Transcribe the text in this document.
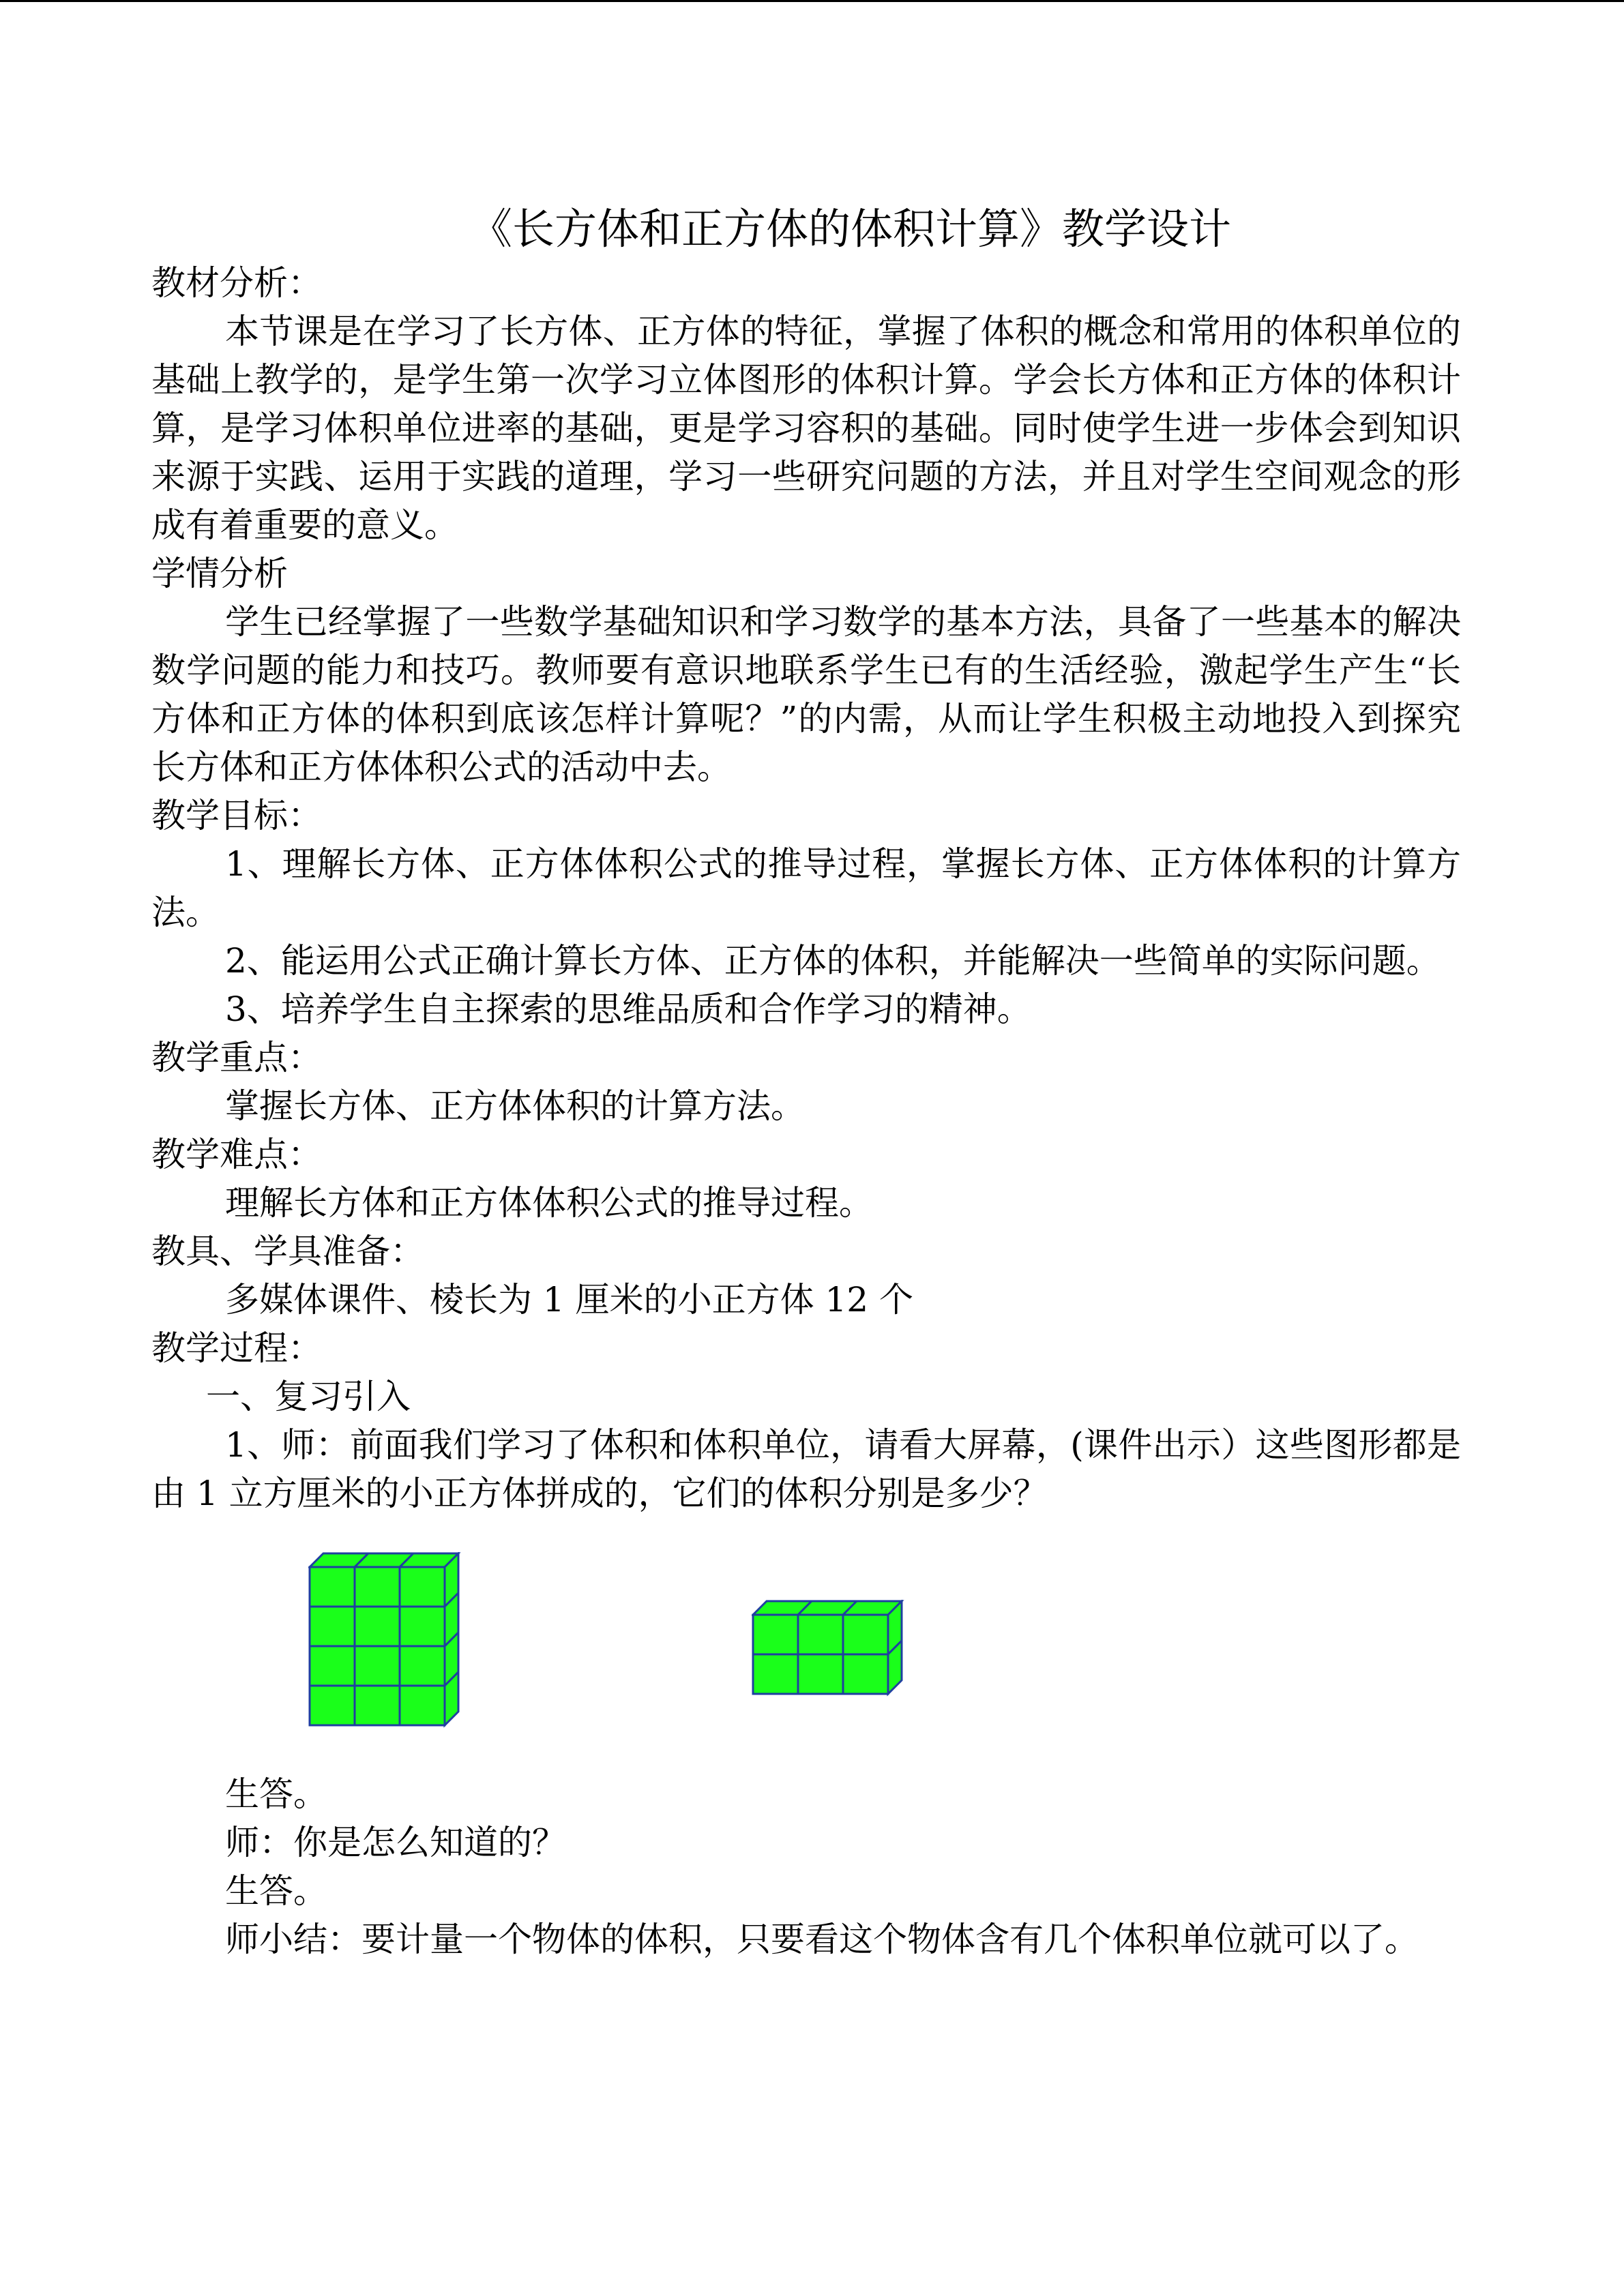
《长方体和正方体的体积计算》教学设计

教材分析：

本节课是在学习了长方体、正方体的特征，掌握了体积的概念和常用的体积单位的基础上教学的，是学生第一次学习立体图形的体积计算。学会长方体和正方体的体积计算，是学习体积单位进率的基础，更是学习容积的基础。同时使学生进一步体会到知识来源于实践、运用于实践的道理，学习一些研究问题的方法，并且对学生空间观念的形成有着重要的意义。

学情分析

学生已经掌握了一些数学基础知识和学习数学的基本方法，具备了一些基本的解决数学问题的能力和技巧。教师要有意识地联系学生已有的生活经验，激起学生产生“长方体和正方体的体积到底该怎样计算呢？”的内需，从而让学生积极主动地投入到探究长方体和正方体体积公式的活动中去。

教学目标：

1、理解长方体、正方体体积公式的推导过程，掌握长方体、正方体体积的计算方法。

2、能运用公式正确计算长方体、正方体的体积，并能解决一些简单的实际问题。

3、培养学生自主探索的思维品质和合作学习的精神。

教学重点：

掌握长方体、正方体体积的计算方法。

教学难点：

理解长方体和正方体体积公式的推导过程。

教具、学具准备：

多媒体课件、棱长为 1 厘米的小正方体 12 个

教学过程：

一、复习引入

1、师：前面我们学习了体积和体积单位，请看大屏幕，(课件出示）这些图形都是由 1 立方厘米的小正方体拼成的，它们的体积分别是多少？

生答。

师：你是怎么知道的？

生答。

师小结：要计量一个物体的体积，只要看这个物体含有几个体积单位就可以了。
